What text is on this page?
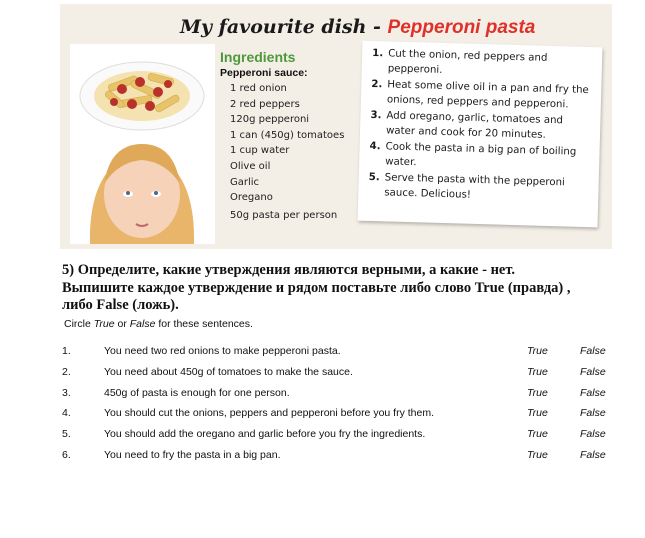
My favourite dish - Pepperoni pasta
Ingredients
Pepperoni sauce:
1 red onion
2 red peppers
120g pepperoni
1 can (450g) tomatoes
1 cup water
Olive oil
Garlic
Oregano
50g pasta per person
1. Cut the onion, red peppers and pepperoni.
2. Heat some olive oil in a pan and fry the onions, red peppers and pepperoni.
3. Add oregano, garlic, tomatoes and water and cook for 20 minutes.
4. Cook the pasta in a big pan of boiling water.
5. Serve the pasta with the pepperoni sauce. Delicious!
5) Определите, какие утверждения являются верными, а какие - нет. Выпишите каждое утверждение и рядом поставьте либо слово True (правда) , либо False (ложь).
Circle True or False for these sentences.
1.	You need two red onions to make pepperoni pasta.	True	False
2.	You need about 450g of tomatoes to make the sauce.	True	False
3.	450g of pasta is enough for one person.	True	False
4.	You should cut the onions, peppers and pepperoni before you fry them.	True	False
5.	You should add the oregano and garlic before you fry the ingredients.	True	False
6.	You need to fry the pasta in a big pan.	True	False
